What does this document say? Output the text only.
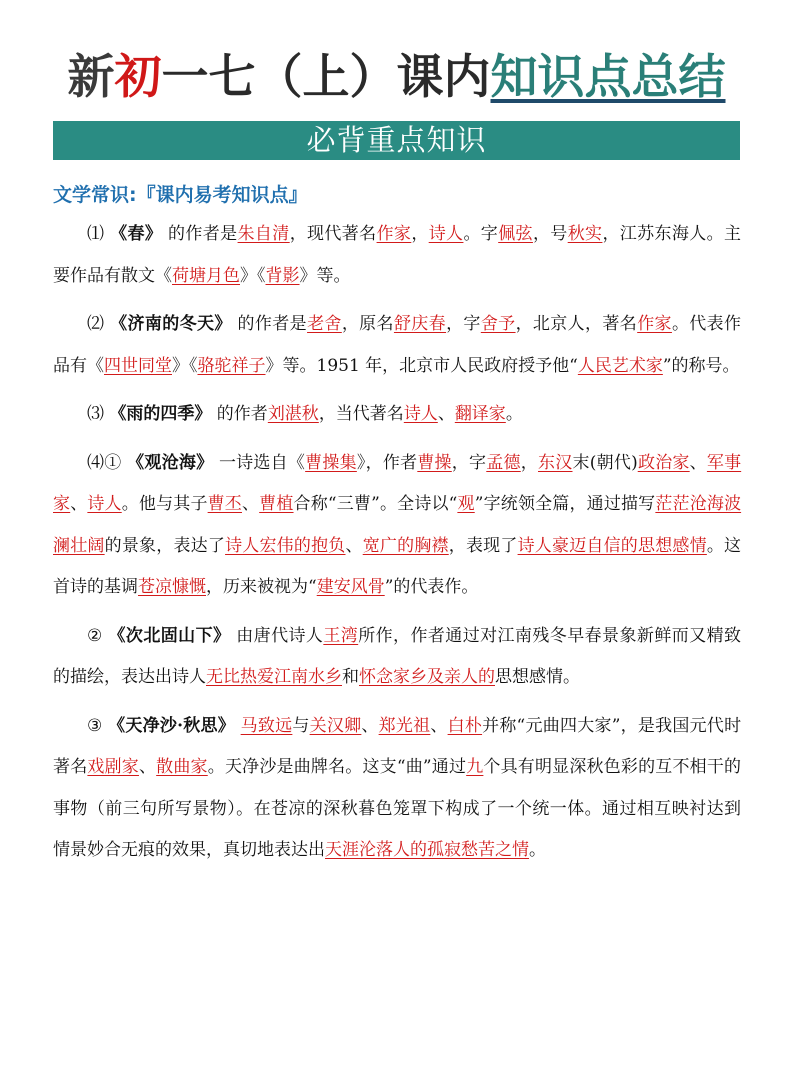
新初一七（上）课内知识点总结
必背重点知识
文学常识:『课内易考知识点』

⑴ 《春》 的作者是朱自清，现代著名作家，诗人。字佩弦，号秋实，江苏东海人。主要作品有散文《荷塘月色》《背影》等。

⑵ 《济南的冬天》 的作者是老舍，原名舒庆春，字舍予，北京人，著名作家。代表作品有《四世同堂》《骆驼祥子》等。1951 年，北京市人民政府授予他“人民艺术家”的称号。

⑶ 《雨的四季》 的作者刘湛秋，当代著名诗人、翻译家。

⑷① 《观沧海》 一诗选自《曹操集》，作者曹操，字孟德，东汉末(朝代)政治家、军事家、诗人。他与其子曹丕、曹植合称“三曹”。全诗以“观”字统领全篇，通过描写茫茫沧海波澜壮阔的景象，表达了诗人宏伟的抱负、宽广的胸襟，表现了诗人豪迈自信的思想感情。这首诗的基调苍凉慷慨，历来被视为“建安风骨”的代表作。

② 《次北固山下》 由唐代诗人王湾所作，作者通过对江南残冬早春景象新鲜而又精致的描绘，表达出诗人无比热爱江南水乡和怀念家乡及亲人的思想感情。

③ 《天净沙·秋思》 马致远与关汉卿、郑光祖、白朴并称“元曲四大家”，是我国元代时著名戏剧家、散曲家。天净沙是曲牌名。这支“曲”通过九个具有明显深秋色彩的互不相干的事物（前三句所写景物）。在苍凉的深秋暮色笼罩下构成了一个统一体。通过相互映衬达到情景妙合无痕的效果，真切地表达出天涯沦落人的孤寂愁苦之情。
